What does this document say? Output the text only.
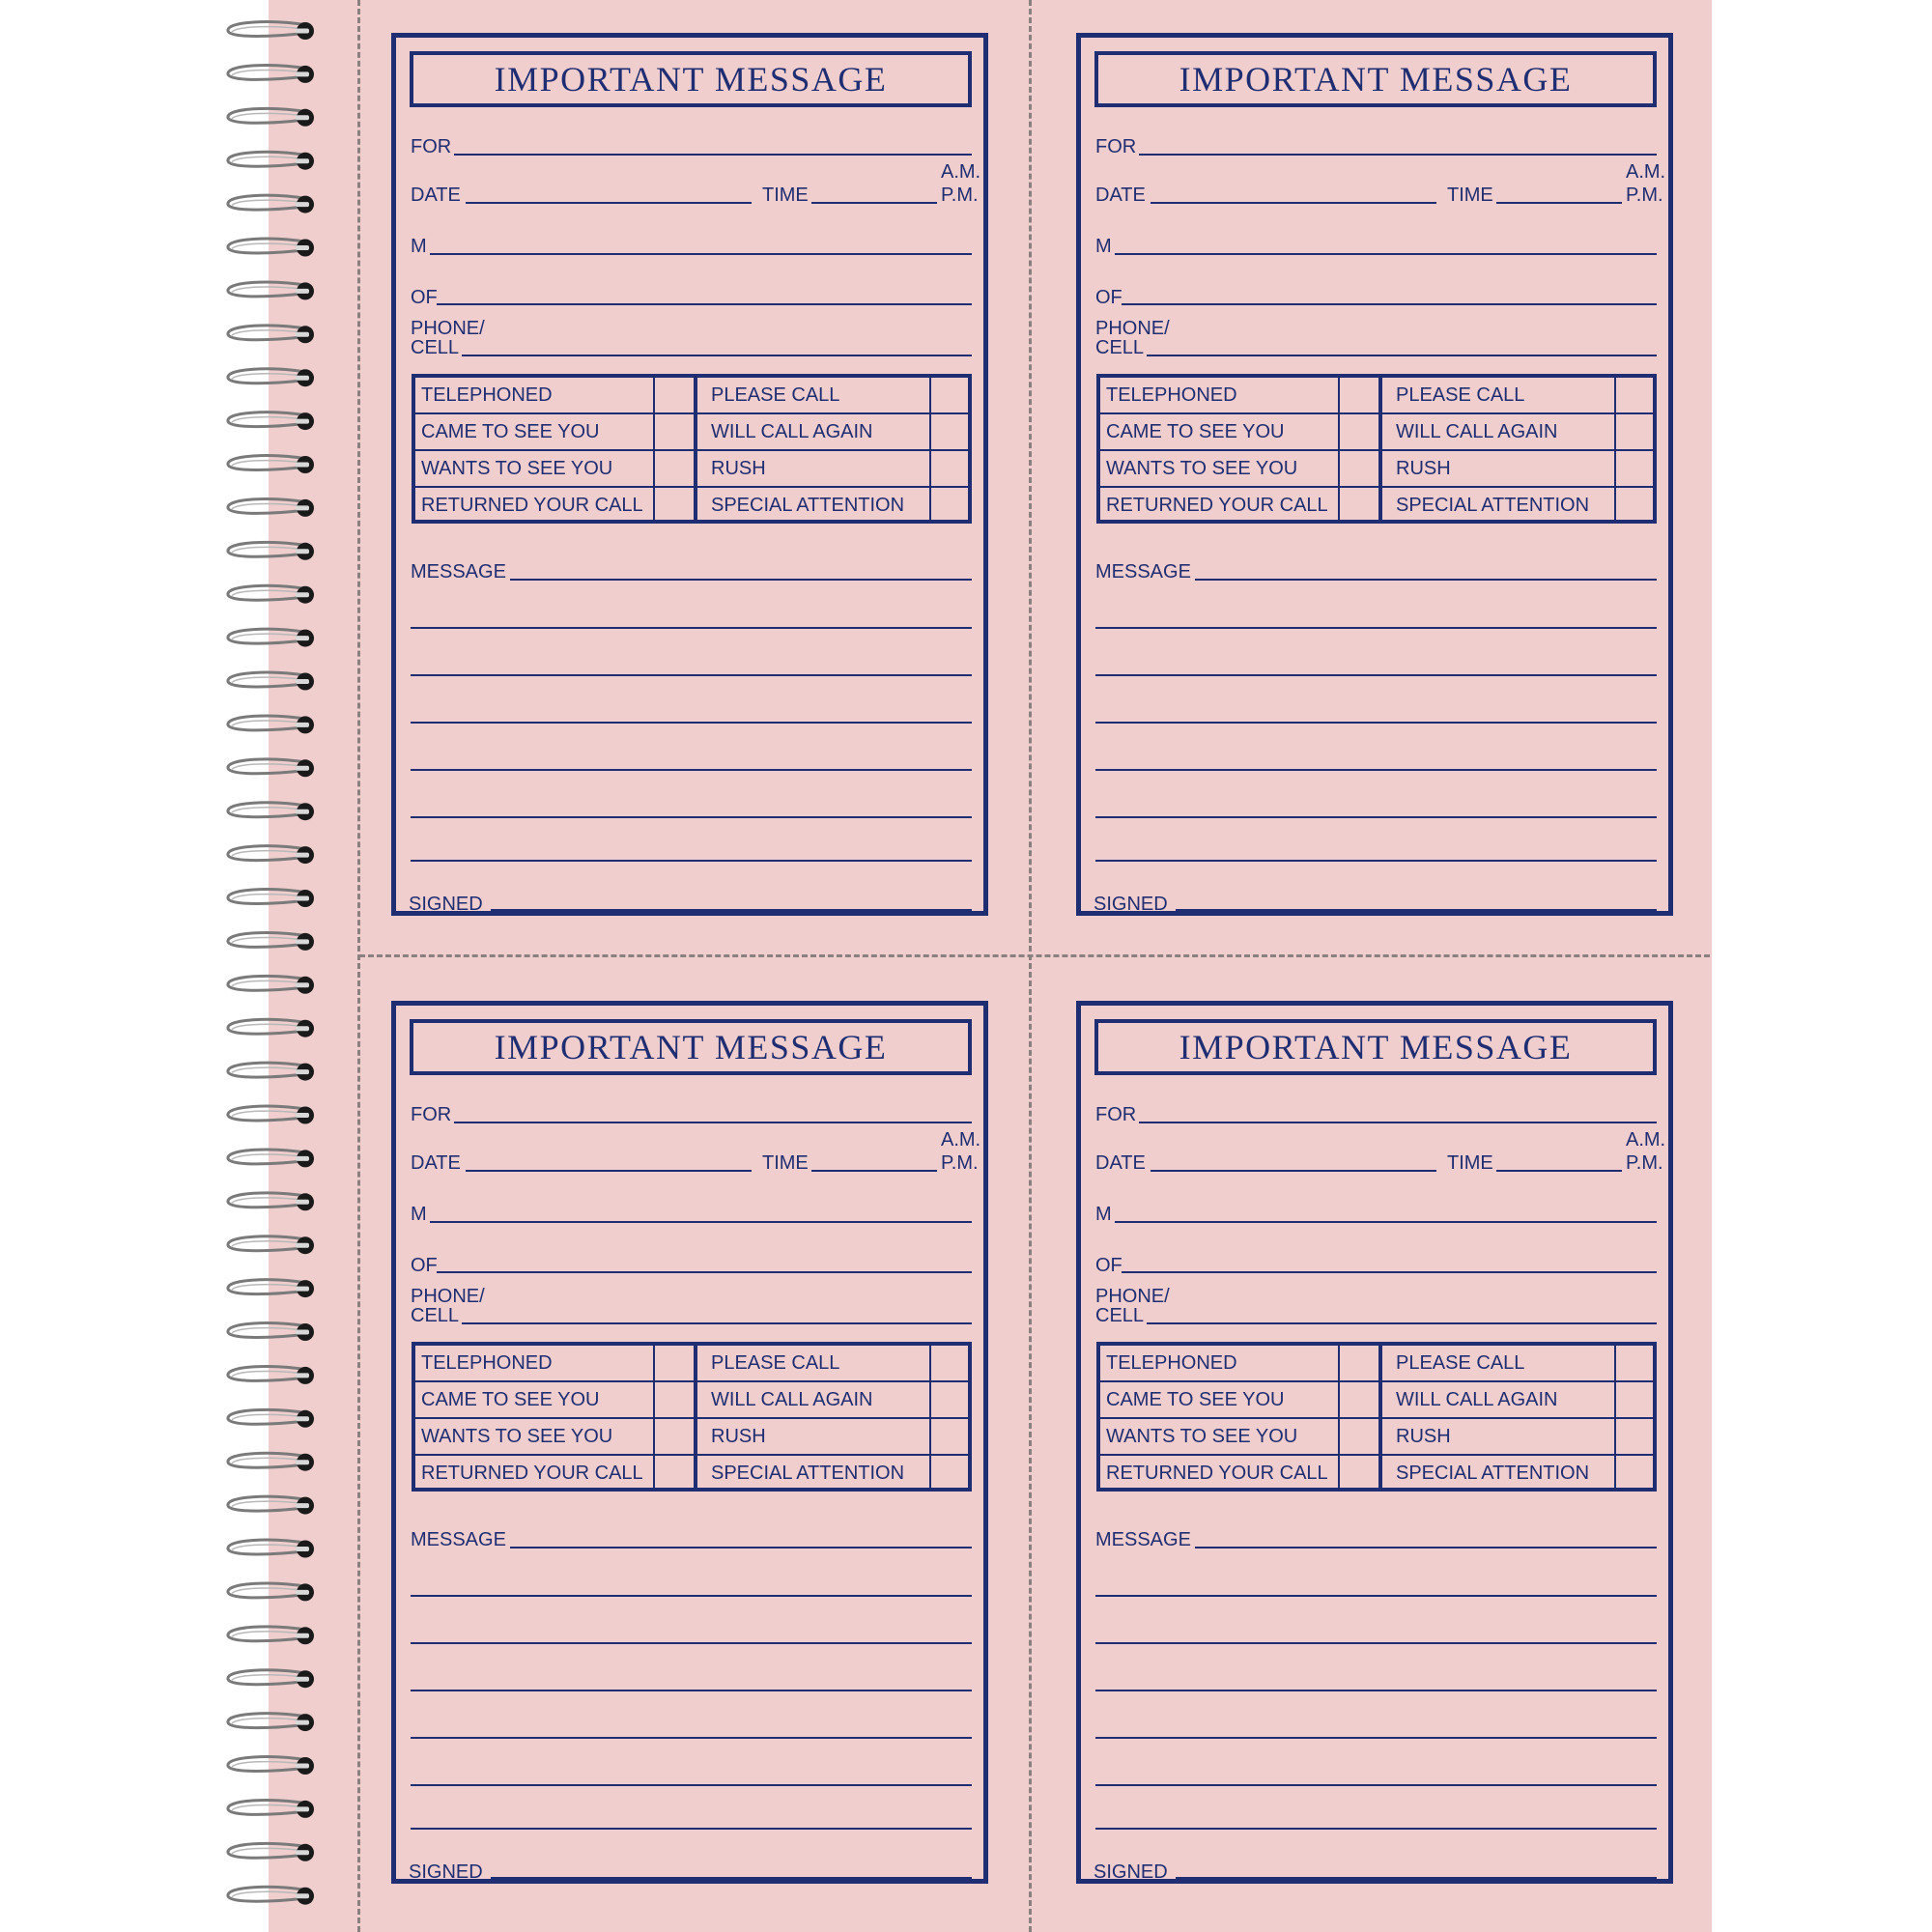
IMPORTANT MESSAGE
FOR
DATE	TIME
A.M.
P.M.
M
OF
PHONE/
CELL
TELEPHONED	PLEASE CALL
CAME TO SEE YOU	WILL CALL AGAIN
WANTS TO SEE YOU	RUSH
RETURNED YOUR CALL	SPECIAL ATTENTION
MESSAGE
SIGNED
IMPORTANT MESSAGE
FOR
DATE	TIME
A.M.
P.M.
M
OF
PHONE/
CELL
TELEPHONED	PLEASE CALL
CAME TO SEE YOU	WILL CALL AGAIN
WANTS TO SEE YOU	RUSH
RETURNED YOUR CALL	SPECIAL ATTENTION
MESSAGE
SIGNED
IMPORTANT MESSAGE
FOR
DATE	TIME
A.M.
P.M.
M
OF
PHONE/
CELL
TELEPHONED	PLEASE CALL
CAME TO SEE YOU	WILL CALL AGAIN
WANTS TO SEE YOU	RUSH
RETURNED YOUR CALL	SPECIAL ATTENTION
MESSAGE
SIGNED
IMPORTANT MESSAGE
FOR
DATE	TIME
A.M.
P.M.
M
OF
PHONE/
CELL
TELEPHONED	PLEASE CALL
CAME TO SEE YOU	WILL CALL AGAIN
WANTS TO SEE YOU	RUSH
RETURNED YOUR CALL	SPECIAL ATTENTION
MESSAGE
SIGNED
